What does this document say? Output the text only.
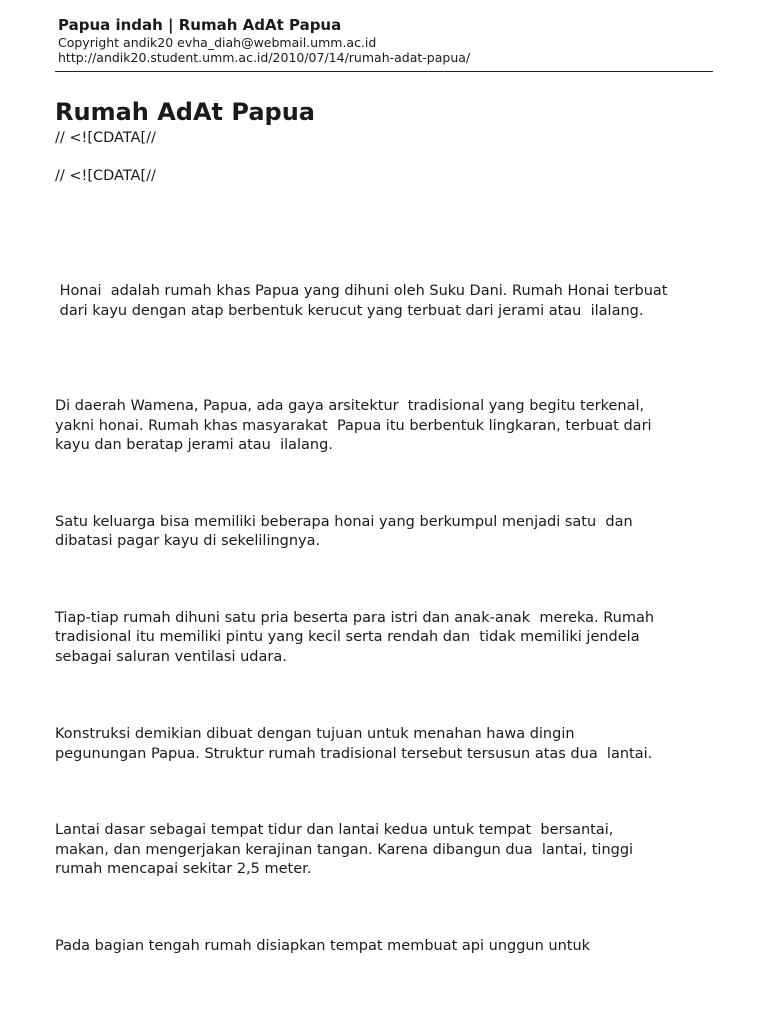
Papua indah | Rumah AdAt Papua

Copyright andik20 evha_diah@webmail.umm.ac.id

http://andik20.student.umm.ac.id/2010/07/14/rumah-adat-papua/

Rumah AdAt Papua

// <![CDATA[//

// <![CDATA[//

Honai  adalah rumah khas Papua yang dihuni oleh Suku Dani. Rumah Honai terbuat
dari kayu dengan atap berbentuk kerucut yang terbuat dari jerami atau  ilalang.

Di daerah Wamena, Papua, ada gaya arsitektur  tradisional yang begitu terkenal,
yakni honai. Rumah khas masyarakat  Papua itu berbentuk lingkaran, terbuat dari
kayu dan beratap jerami atau  ilalang.

Satu keluarga bisa memiliki beberapa honai yang berkumpul menjadi satu  dan
dibatasi pagar kayu di sekelilingnya.

Tiap-tiap rumah dihuni satu pria beserta para istri dan anak-anak  mereka. Rumah
tradisional itu memiliki pintu yang kecil serta rendah dan  tidak memiliki jendela
sebagai saluran ventilasi udara.

Konstruksi demikian dibuat dengan tujuan untuk menahan hawa dingin
pegunungan Papua. Struktur rumah tradisional tersebut tersusun atas dua  lantai.

Lantai dasar sebagai tempat tidur dan lantai kedua untuk tempat  bersantai,
makan, dan mengerjakan kerajinan tangan. Karena dibangun dua  lantai, tinggi
rumah mencapai sekitar 2,5 meter.

Pada bagian tengah rumah disiapkan tempat membuat api unggun untuk
